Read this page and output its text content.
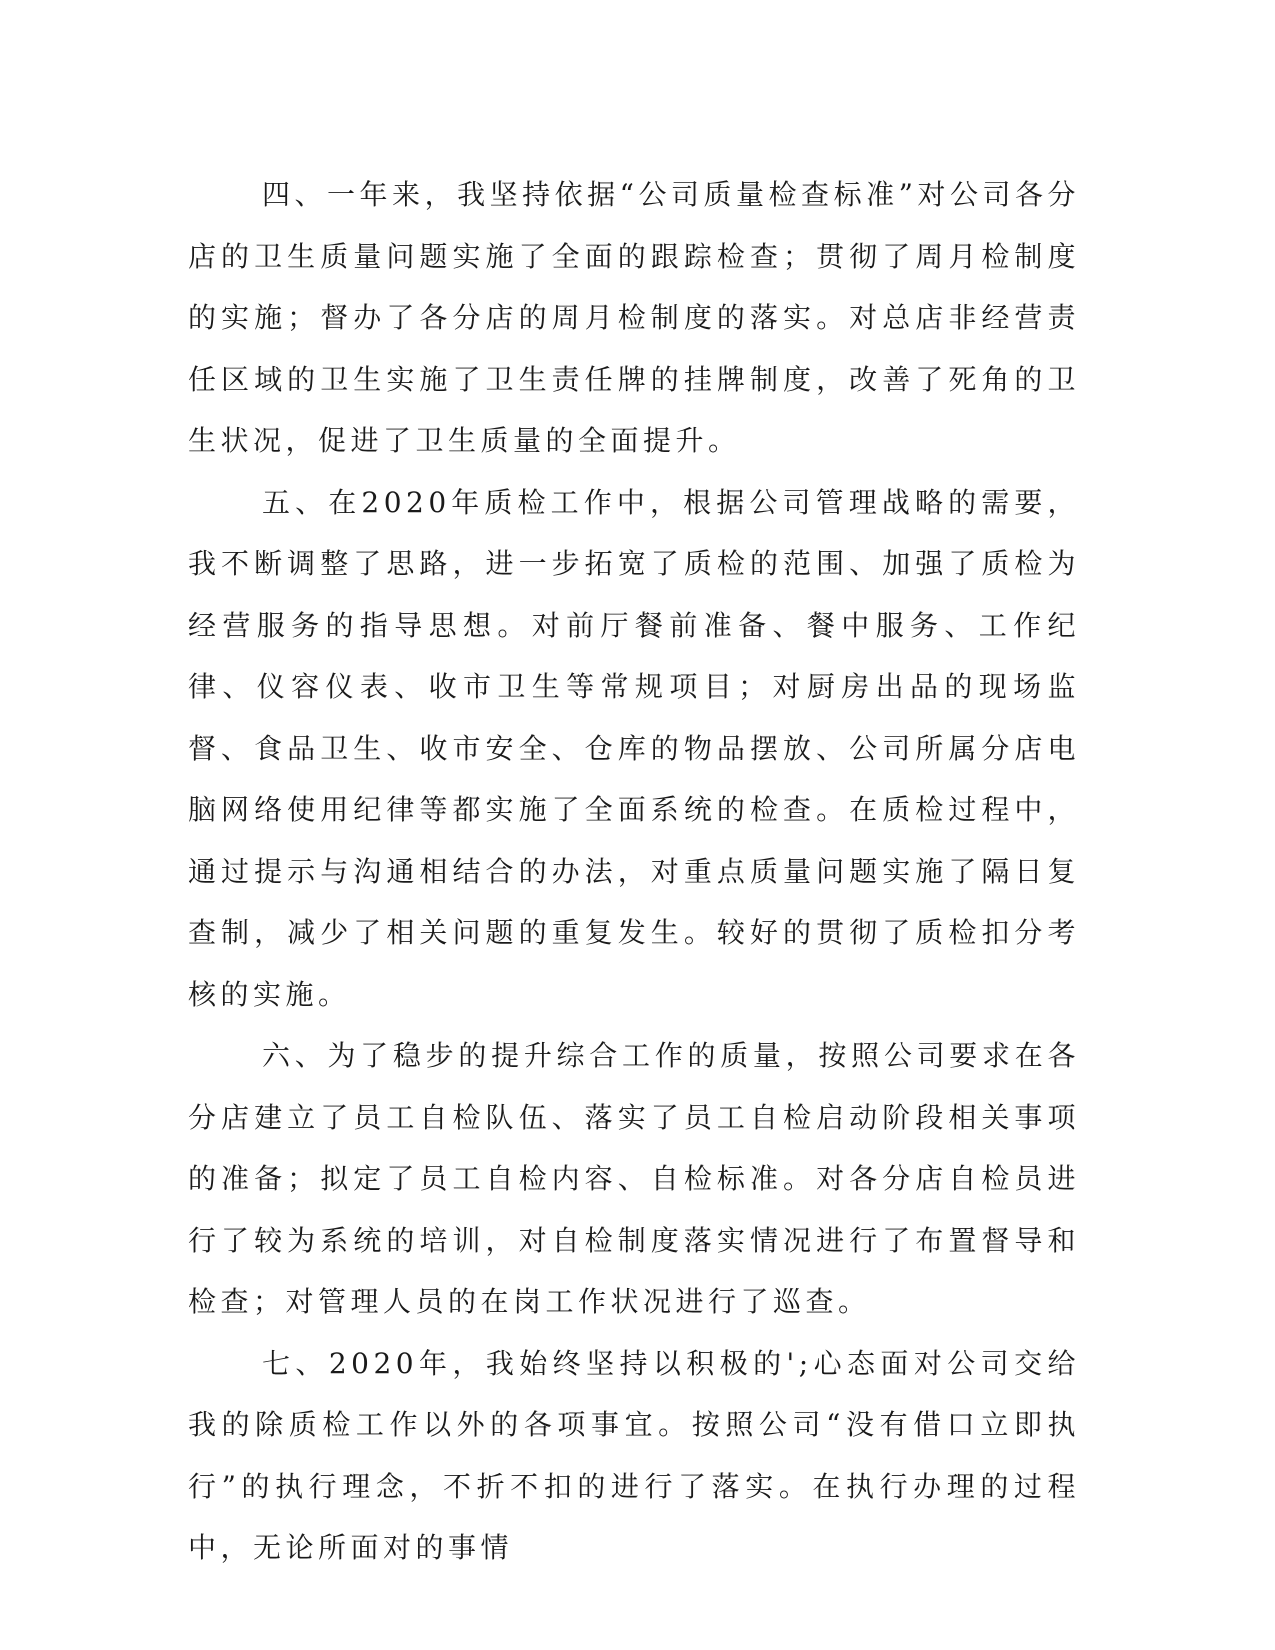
四、一年来，我坚持依据“公司质量检查标准”对公司各分店的卫生质量问题实施了全面的跟踪检查；贯彻了周月检制度的实施；督办了各分店的周月检制度的落实。对总店非经营责任区域的卫生实施了卫生责任牌的挂牌制度，改善了死角的卫生状况，促进了卫生质量的全面提升。

五、在2020年质检工作中，根据公司管理战略的需要，我不断调整了思路，进一步拓宽了质检的范围、加强了质检为经营服务的指导思想。对前厅餐前准备、餐中服务、工作纪律、仪容仪表、收市卫生等常规项目；对厨房出品的现场监督、食品卫生、收市安全、仓库的物品摆放、公司所属分店电脑网络使用纪律等都实施了全面系统的检查。在质检过程中，通过提示与沟通相结合的办法，对重点质量问题实施了隔日复查制，减少了相关问题的重复发生。较好的贯彻了质检扣分考核的实施。

六、为了稳步的提升综合工作的质量，按照公司要求在各分店建立了员工自检队伍、落实了员工自检启动阶段相关事项的准备；拟定了员工自检内容、自检标准。对各分店自检员进行了较为系统的培训，对自检制度落实情况进行了布置督导和检查；对管理人员的在岗工作状况进行了巡查。

七、2020年，我始终坚持以积极的';心态面对公司交给我的除质检工作以外的各项事宜。按照公司“没有借口立即执行”的执行理念，不折不扣的进行了落实。在执行办理的过程中，无论所面对的事情
